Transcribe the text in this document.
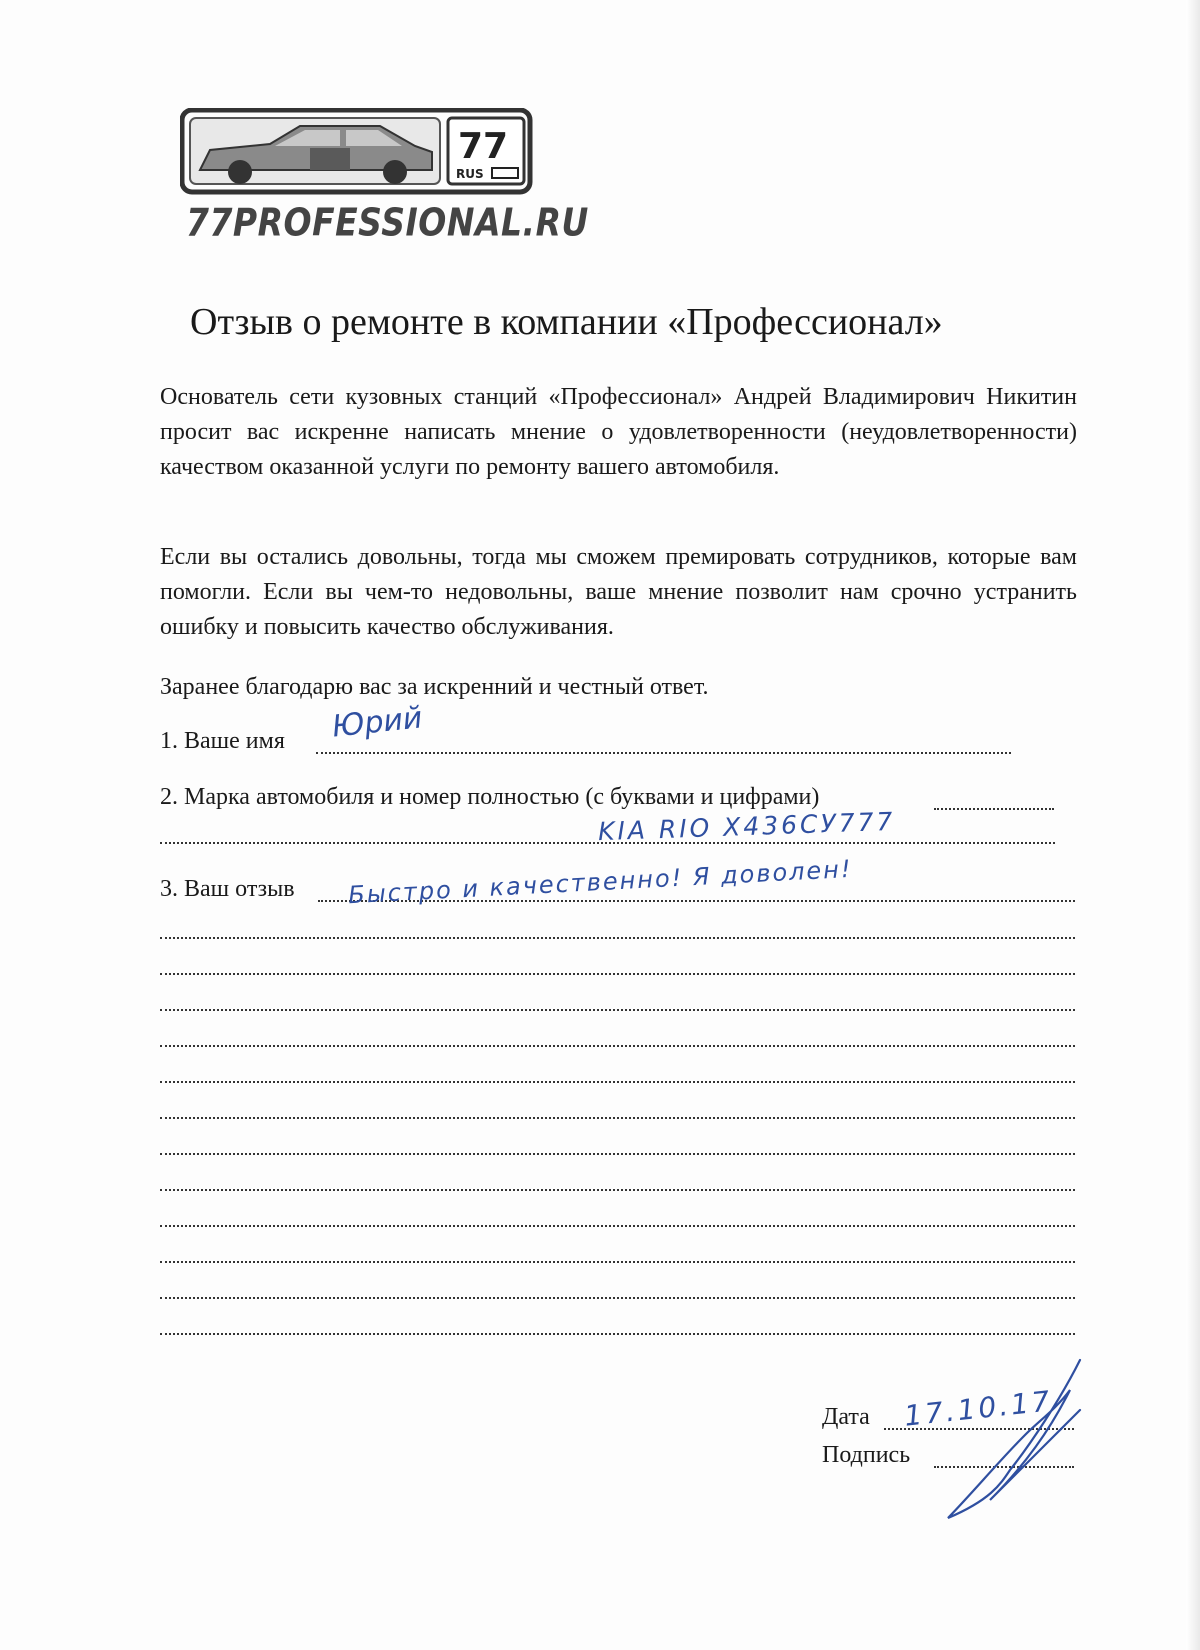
77
RUS
77PROFESSIONAL.RU
Отзыв о ремонте в компании «Профессионал»

Основатель сети кузовных станций «Профессионал» Андрей Владимирович Никитин просит вас искренне написать мнение о удовлетворенности (неудовлетворенности) качеством оказанной услуги по ремонту вашего автомобиля.

Если вы остались довольны, тогда мы сможем премировать сотрудников, которые вам помогли. Если вы чем-то недовольны, ваше мнение позволит нам срочно устранить ошибку и повысить качество обслуживания.

Заранее благодарю вас за искренний и честный ответ.

1. Ваше имя Юрий
2. Марка автомобиля и номер полностью (с буквами и цифрами)
KIA RIO Х436СУ777
3. Ваш отзыв Быстро и качественно! Я доволен!
Дата 17.10.17
Подпись
